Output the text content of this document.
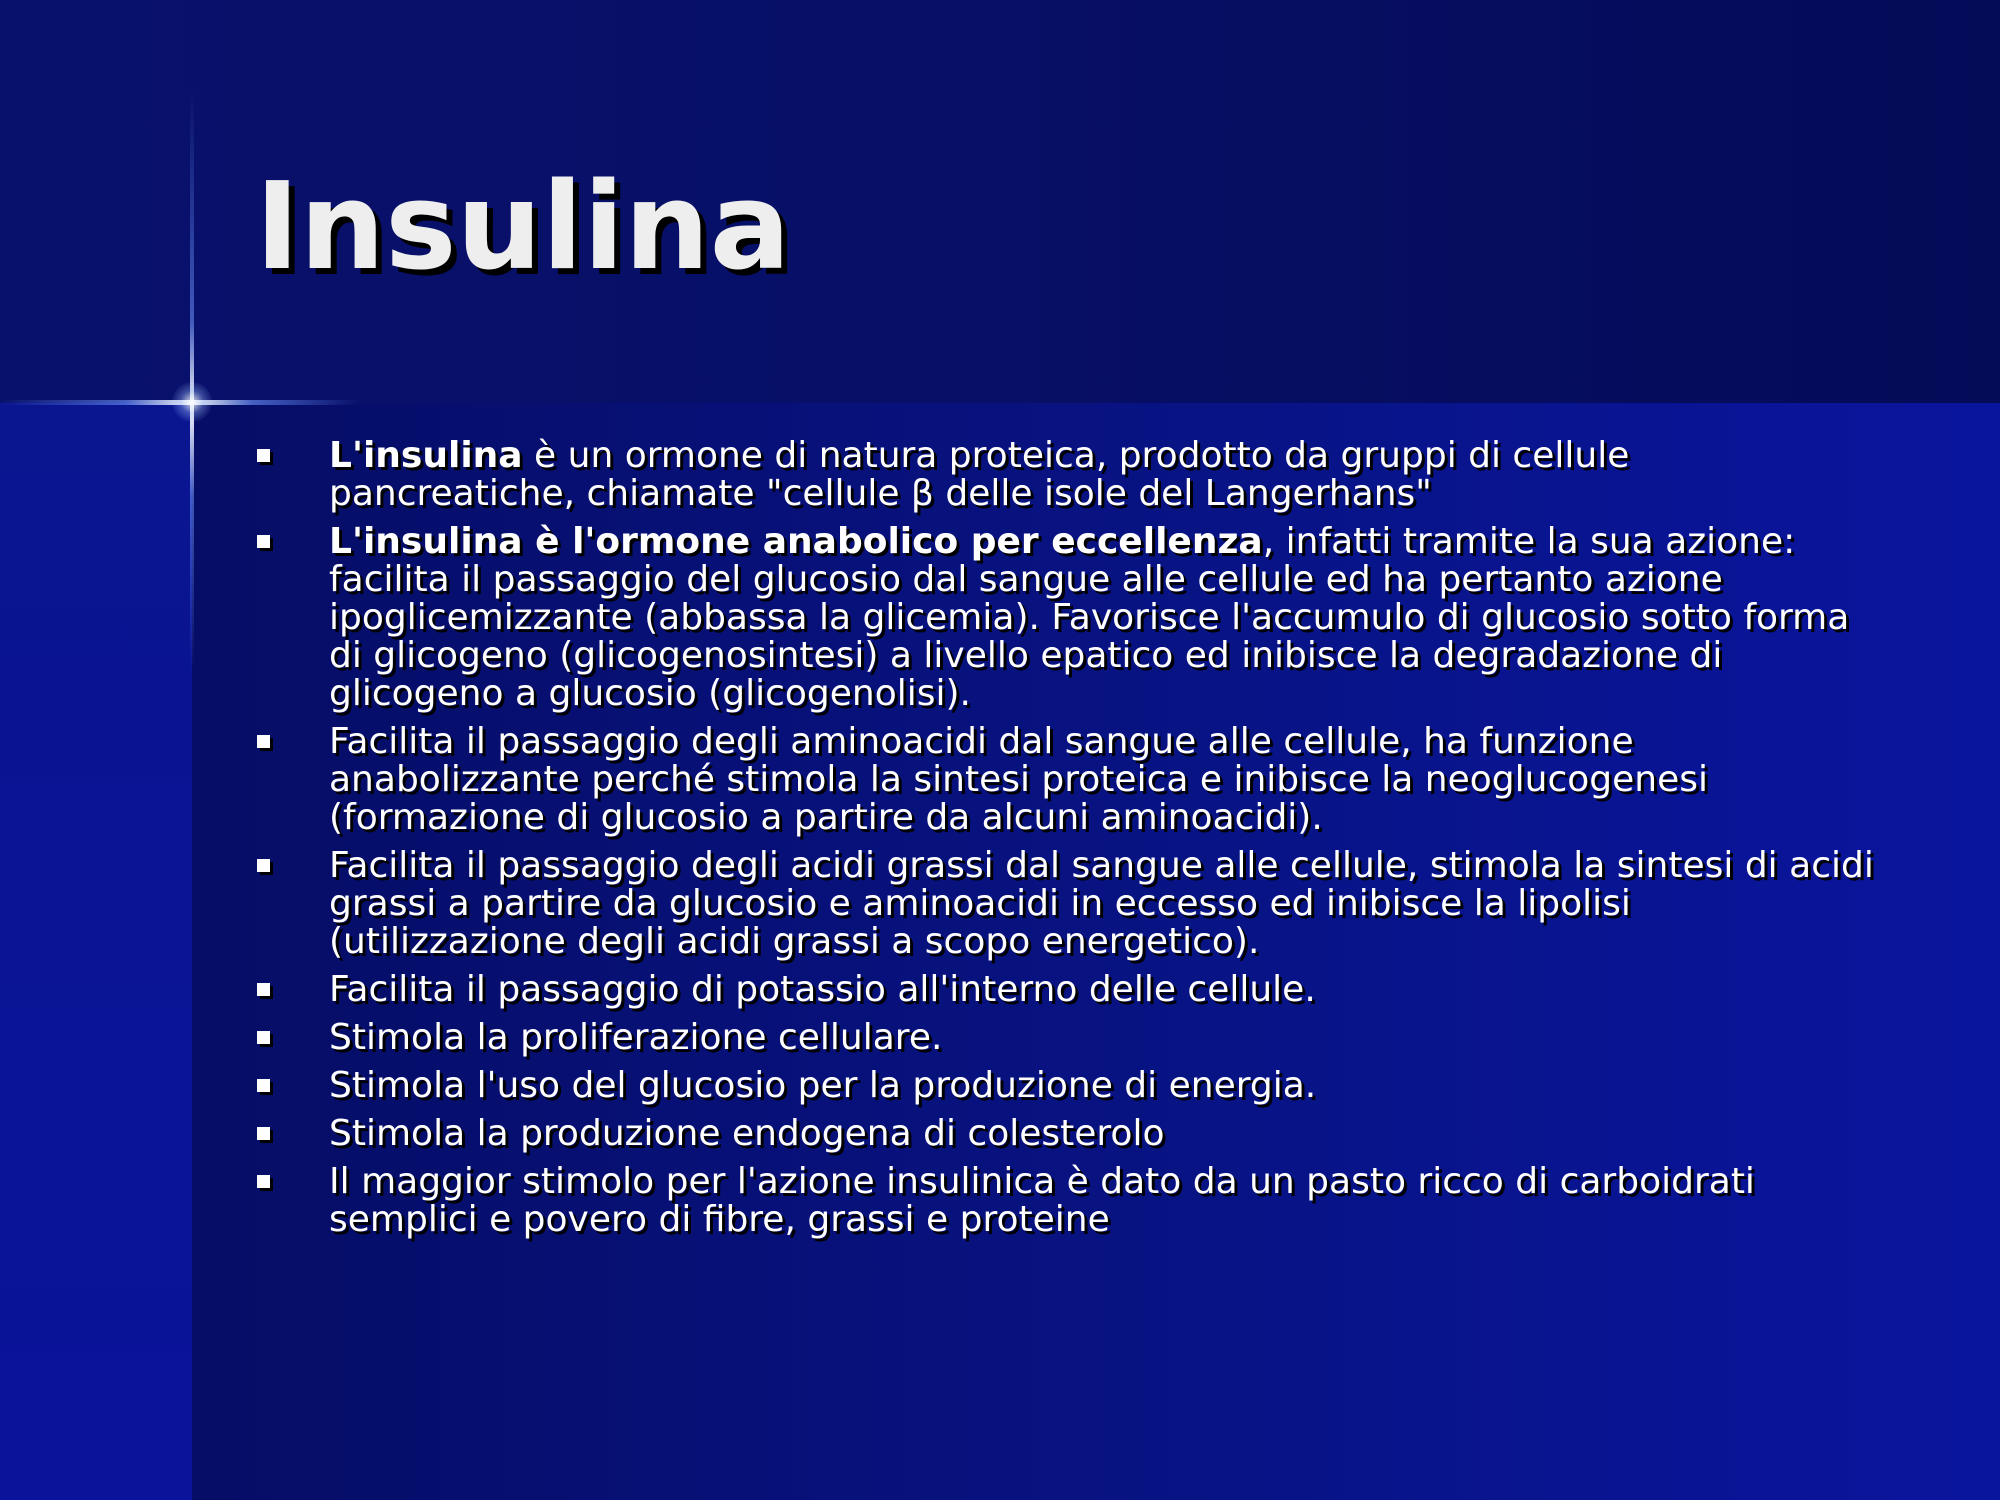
Insulina
L'insulina è un ormone di natura proteica, prodotto da gruppi di cellule pancreatiche, chiamate "cellule β delle isole del Langerhans"
L'insulina è l'ormone anabolico per eccellenza, infatti tramite la sua azione: facilita il passaggio del glucosio dal sangue alle cellule ed ha pertanto azione ipoglicemizzante (abbassa la glicemia). Favorisce l'accumulo di glucosio sotto forma di glicogeno (glicogenosintesi) a livello epatico ed inibisce la degradazione di glicogeno a glucosio (glicogenolisi).
Facilita il passaggio degli aminoacidi dal sangue alle cellule, ha funzione anabolizzante perché stimola la sintesi proteica e inibisce la neoglucogenesi (formazione di glucosio a partire da alcuni aminoacidi).
Facilita il passaggio degli acidi grassi dal sangue alle cellule, stimola la sintesi di acidi grassi a partire da glucosio e aminoacidi in eccesso ed inibisce la lipolisi (utilizzazione degli acidi grassi a scopo energetico).
Facilita il passaggio di potassio all'interno delle cellule.
Stimola la proliferazione cellulare.
Stimola l'uso del glucosio per la produzione di energia.
Stimola la produzione endogena di colesterolo
Il maggior stimolo per l'azione insulinica è dato da un pasto ricco di carboidrati semplici e povero di fibre, grassi e proteine
